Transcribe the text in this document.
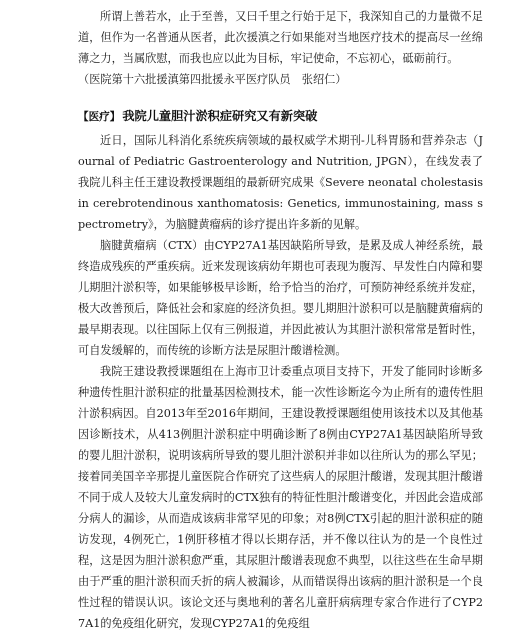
所谓上善若水，止于至善，又曰千里之行始于足下，我深知自己的力量微不足道，但作为一名普通从医者，此次援滇之行如果能对当地医疗技术的提高尽一丝绵薄之力，当属欣慰，而我也应以此为目标，牢记使命，不忘初心，砥砺前行。

（医院第十六批援滇第四批援永平医疗队员　张绍仁）

【医疗】 我院儿童胆汁淤积症研究又有新突破

近日，国际儿科消化系统疾病领域的最权威学术期刊-儿科胃肠和营养杂志（Journal of Pediatric Gastroenterology and Nutrition, JPGN），在线发表了我院儿科主任王建设教授课题组的最新研究成果《Severe neonatal cholestasis in cerebrotendinous xanthomatosis: Genetics, immunostaining, mass spectrometry》，为脑腱黄瘤病的诊疗提出许多新的见解。

脑腱黄瘤病（CTX）由CYP27A1基因缺陷所导致，是累及成人神经系统，最终造成残疾的严重疾病。近来发现该病幼年期也可表现为腹泻、早发性白内障和婴儿期胆汁淤积等，如果能够极早诊断，给予恰当的治疗，可预防神经系统并发症，极大改善预后，降低社会和家庭的经济负担。婴儿期胆汁淤积可以是脑腱黄瘤病的最早期表现。以往国际上仅有三例报道，并因此被认为其胆汁淤积常常是暂时性，可自发缓解的，而传统的诊断方法是尿胆汁酸谱检测。

我院王建设教授课题组在上海市卫计委重点项目支持下，开发了能同时诊断多种遗传性胆汁淤积症的批量基因检测技术，能一次性诊断迄今为止所有的遗传性胆汁淤积病因。自2013年至2016年期间，王建设教授课题组使用该技术以及其他基因诊断技术，从413例胆汁淤积症中明确诊断了8例由CYP27A1基因缺陷所导致的婴儿胆汁淤积，说明该病所导致的婴儿胆汁淤积并非如以往所认为的那么罕见；接着同美国辛辛那提儿童医院合作研究了这些病人的尿胆汁酸谱，发现其胆汁酸谱不同于成人及较大儿童发病时的CTX独有的特征性胆汁酸谱变化，并因此会造成部分病人的漏诊，从而造成该病非常罕见的印象；对8例CTX引起的胆汁淤积症的随访发现，4例死亡，1例肝移植才得以长期存活，并不像以往认为的是一个良性过程，这是因为胆汁淤积愈严重，其尿胆汁酸谱表现愈不典型，以往这些在生命早期由于严重的胆汁淤积而夭折的病人被漏诊，从而错误得出该病的胆汁淤积是一个良性过程的错误认识。该论文还与奥地利的著名儿童肝病病理专家合作进行了CYP27A1的免疫组化研究，发现CYP27A1的免疫组
